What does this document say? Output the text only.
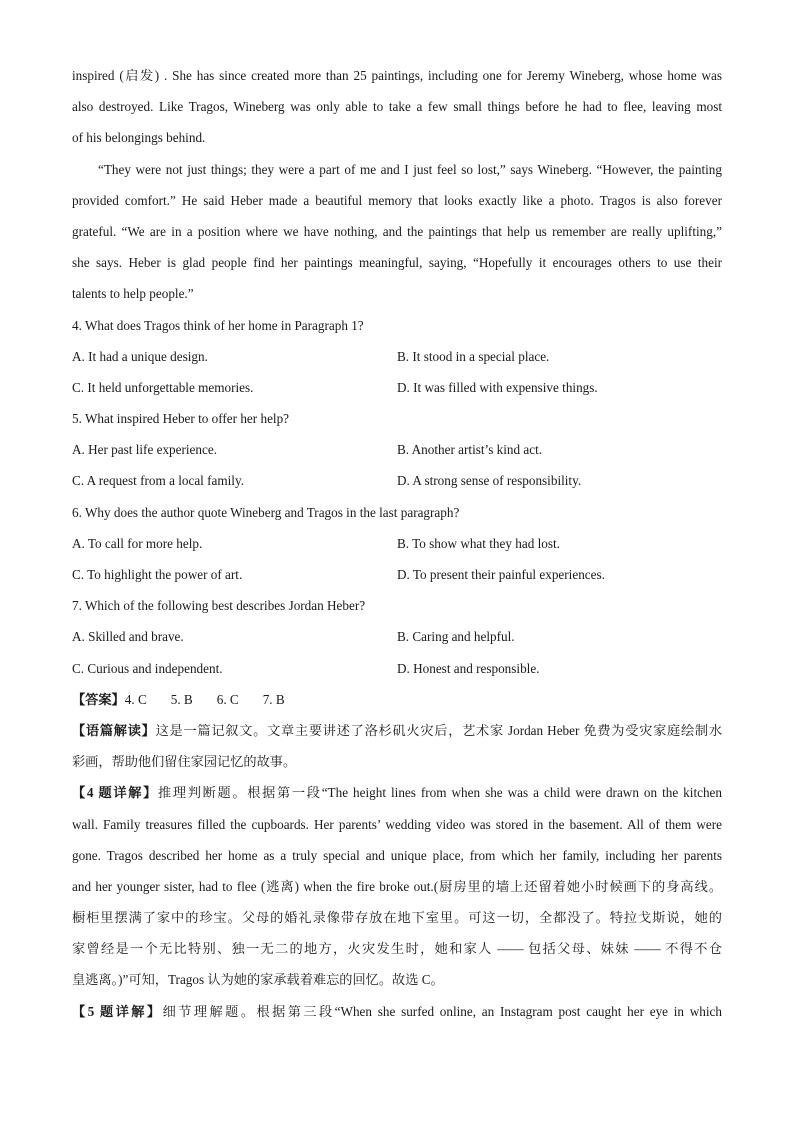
inspired (启发) . She has since created more than 25 paintings, including one for Jeremy Wineberg, whose home was
also destroyed. Like Tragos, Wineberg was only able to take a few small things before he had to flee, leaving most
of his belongings behind.
“They were not just things; they were a part of me and I just feel so lost,” says Wineberg. “However, the painting
provided comfort.” He said Heber made a beautiful memory that looks exactly like a photo. Tragos is also forever
grateful. “We are in a position where we have nothing, and the paintings that help us remember are really uplifting,”
she says. Heber is glad people find her paintings meaningful, saying, “Hopefully it encourages others to use their
talents to help people.”
4. What does Tragos think of her home in Paragraph 1?
A. It had a unique design.	B. It stood in a special place.
C. It held unforgettable memories.	D. It was filled with expensive things.
5. What inspired Heber to offer her help?
A. Her past life experience.	B. Another artist’s kind act.
C. A request from a local family.	D. A strong sense of responsibility.
6. Why does the author quote Wineberg and Tragos in the last paragraph?
A. To call for more help.	B. To show what they had lost.
C. To highlight the power of art.	D. To present their painful experiences.
7. Which of the following best describes Jordan Heber?
A. Skilled and brave.	B. Caring and helpful.
C. Curious and independent.	D. Honest and responsible.
【答案】4. C 5. B 6. C 7. B
【语篇解读】这是一篇记叙文。文章主要讲述了洛杉矶火灾后，艺术家 Jordan Heber 免费为受灾家庭绘制水
彩画，帮助他们留住家园记忆的故事。
【4 题详解】推理判断题。根据第一段“The height lines from when she was a child were drawn on the kitchen
wall. Family treasures filled the cupboards. Her parents’ wedding video was stored in the basement. All of them were
gone. Tragos described her home as a truly special and unique place, from which her family, including her parents
and her younger sister, had to flee (逃离) when the fire broke out.(厨房里的墙上还留着她小时候画下的身高线。
橱柜里摆满了家中的珍宝。父母的婚礼录像带存放在地下室里。可这一切，全都没了。特拉戈斯说，她的
家曾经是一个无比特别、独一无二的地方，火灾发生时，她和家人 —— 包括父母、妹妹 —— 不得不仓
皇逃离。)”可知，Tragos 认为她的家承载着难忘的回忆。故选 C。
【5 题详解】细节理解题。根据第三段“When she surfed online, an Instagram post caught her eye in which
